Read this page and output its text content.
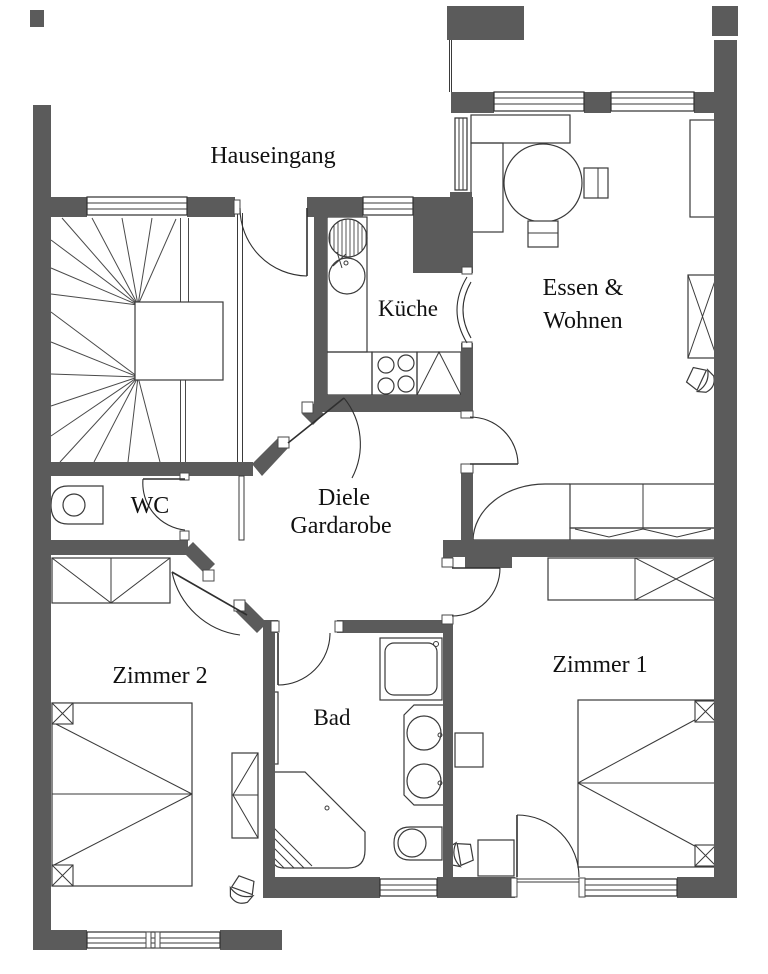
Hauseingang
Küche
Essen &
Wohnen
WC	Diele
Gardarobe
Zimmer 2	Zimmer 1
Bad
